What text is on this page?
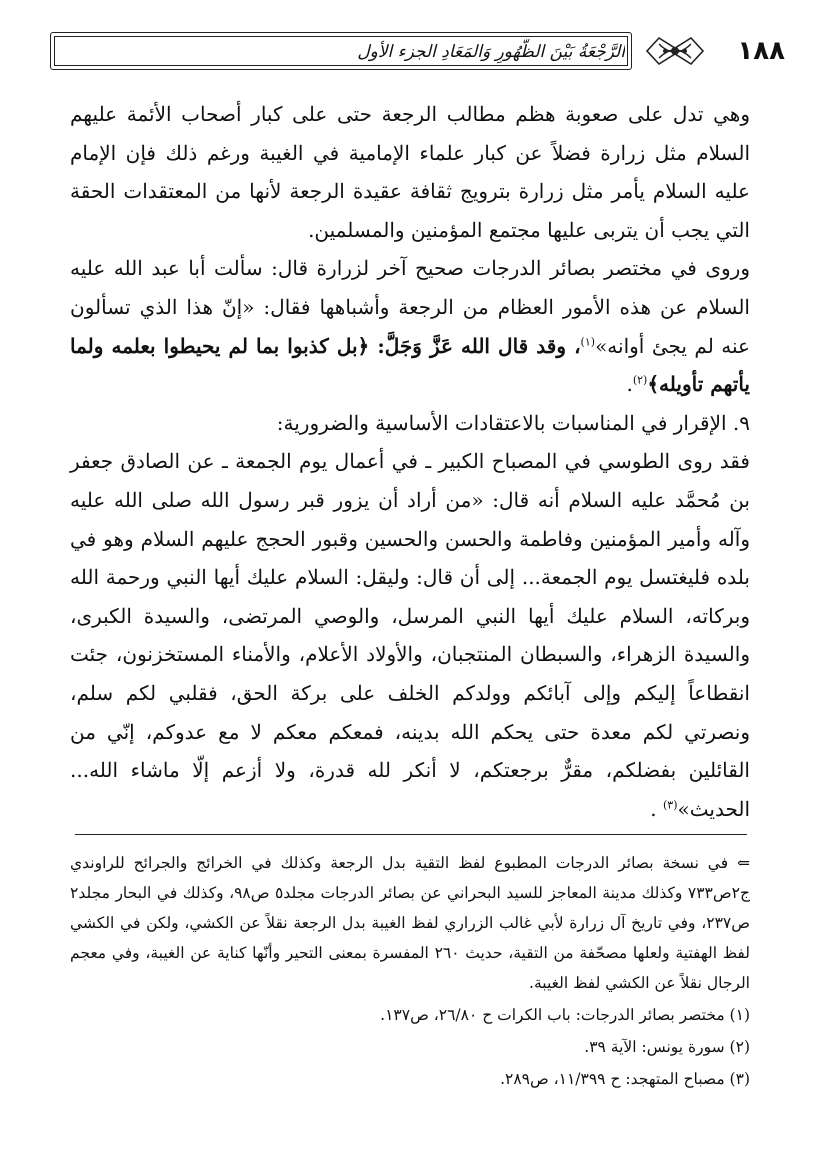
الرَّجْعَةُ بَيْنَ الظُّهُورِ وَالمَعَادِ الجزء الأول	١٨٨

وهي تدل على صعوبة هظم مطالب الرجعة حتى على كبار أصحاب الأئمة عليهم السلام مثل زرارة فضلاً عن كبار علماء الإمامية في الغيبة ورغم ذلك فإن الإمام عليه السلام يأمر مثل زرارة بترويج ثقافة عقيدة الرجعة لأنها من المعتقدات الحقة التي يجب أن يتربى عليها مجتمع المؤمنين والمسلمين.

وروى في مختصر بصائر الدرجات صحيح آخر لزرارة قال: سألت أبا عبد الله عليه السلام عن هذه الأمور العظام من الرجعة وأشباهها فقال: «إنّ هذا الذي تسألون عنه لم يجئ أوانه»$^{(١)}$، وقد قال الله عَزَّ وَجَلَّ: ﴿بل كذبوا بما لم يحيطوا بعلمه ولما يأتهم تأويله﴾$^{(٢)}$.

٩. الإقرار في المناسبات بالاعتقادات الأساسية والضرورية:

فقد روى الطوسي في المصباح الكبير ـ في أعمال يوم الجمعة ـ عن الصادق جعفر بن مُحمَّد عليه السلام أنه قال: «من أراد أن يزور قبر رسول الله صلى الله عليه وآله وأمير المؤمنين وفاطمة والحسن والحسين وقبور الحجج عليهم السلام وهو في بلده فليغتسل يوم الجمعة... إلى أن قال: وليقل: السلام عليك أيها النبي ورحمة الله وبركاته، السلام عليك أيها النبي المرسل، والوصي المرتضى، والسيدة الكبرى، والسيدة الزهراء، والسبطان المنتجبان، والأولاد الأعلام، والأمناء المستخزنون، جئت انقطاعاً إليكم وإلى آبائكم وولدكم الخلف على بركة الحق، فقلبي لكم سلم، ونصرتي لكم معدة حتى يحكم الله بدينه، فمعكم معكم لا مع عدوكم، إنّي من القائلين بفضلكم، مقرٌّ برجعتكم، لا أنكر لله قدرة، ولا أزعم إلّا ماشاء الله... الحديث»$^{(٣)}$ .

⇐ في نسخة بصائر الدرجات المطبوع لفظ التقية بدل الرجعة وكذلك في الخرائج والجرائح للراوندي ج٢ص٧٣٣ وكذلك مدينة المعاجز للسيد البحراني عن بصائر الدرجات مجلد٥ ص٩٨، وكذلك في البحار مجلد٢ ص٢٣٧، وفي تاريخ آل زرارة لأبي غالب الزراري لفظ الغيبة بدل الرجعة نقلاً عن الكشي، ولكن في الكشي لفظ الهفتية ولعلها مصحّفة من التقية، حديث ٢٦٠ المفسرة بمعنى التحير وأنّها كناية عن الغيبة، وفي معجم الرجال نقلاً عن الكشي لفظ الغيبة.

(١) مختصر بصائر الدرجات: باب الكرات ح ٢٦/٨٠، ص١٣٧.

(٢) سورة يونس: الآية ٣٩.

(٣) مصباح المتهجد: ح ١١/٣٩٩، ص٢٨٩.
